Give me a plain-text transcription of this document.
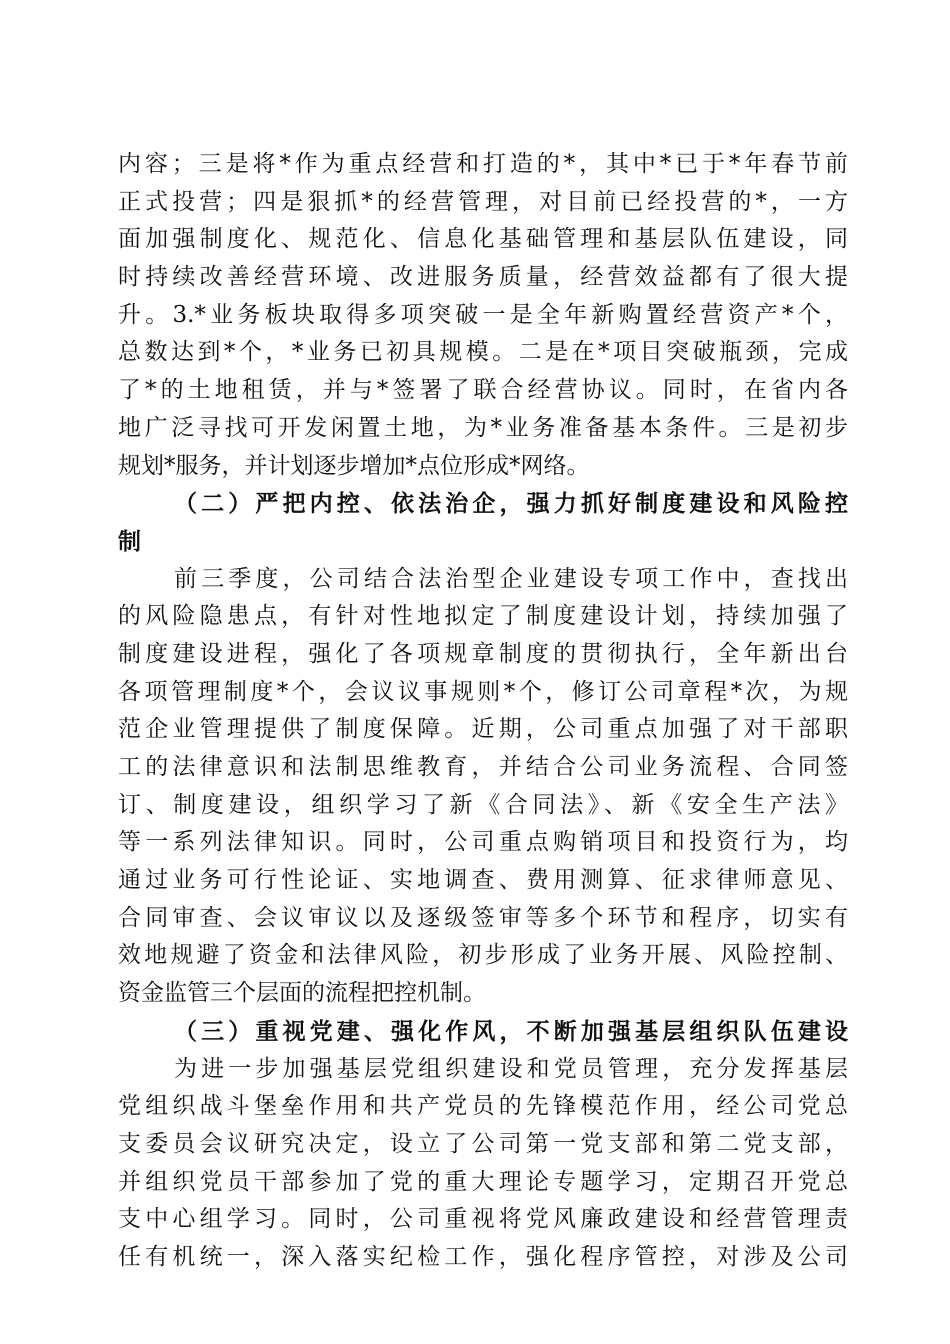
内容；三是将*作为重点经营和打造的*，其中*已于*年春节前
正式投营；四是狠抓*的经营管理，对目前已经投营的*，一方
面加强制度化、规范化、信息化基础管理和基层队伍建设，同
时持续改善经营环境、改进服务质量，经营效益都有了很大提
升。3.*业务板块取得多项突破一是全年新购置经营资产*个，
总数达到*个，*业务已初具规模。二是在*项目突破瓶颈，完成
了*的土地租赁，并与*签署了联合经营协议。同时，在省内各
地广泛寻找可开发闲置土地，为*业务准备基本条件。三是初步
规划*服务，并计划逐步增加*点位形成*网络。
（二）严把内控、依法治企，强力抓好制度建设和风险控
制
前三季度，公司结合法治型企业建设专项工作中，查找出
的风险隐患点，有针对性地拟定了制度建设计划，持续加强了
制度建设进程，强化了各项规章制度的贯彻执行，全年新出台
各项管理制度*个，会议议事规则*个，修订公司章程*次，为规
范企业管理提供了制度保障。近期，公司重点加强了对干部职
工的法律意识和法制思维教育，并结合公司业务流程、合同签
订、制度建设，组织学习了新《合同法》、新《安全生产法》
等一系列法律知识。同时，公司重点购销项目和投资行为，均
通过业务可行性论证、实地调查、费用测算、征求律师意见、
合同审查、会议审议以及逐级签审等多个环节和程序，切实有
效地规避了资金和法律风险，初步形成了业务开展、风险控制、
资金监管三个层面的流程把控机制。
（三）重视党建、强化作风，不断加强基层组织队伍建设
为进一步加强基层党组织建设和党员管理，充分发挥基层
党组织战斗堡垒作用和共产党员的先锋模范作用，经公司党总
支委员会议研究决定，设立了公司第一党支部和第二党支部，
并组织党员干部参加了党的重大理论专题学习，定期召开党总
支中心组学习。同时，公司重视将党风廉政建设和经营管理责
任有机统一，深入落实纪检工作，强化程序管控，对涉及公司
